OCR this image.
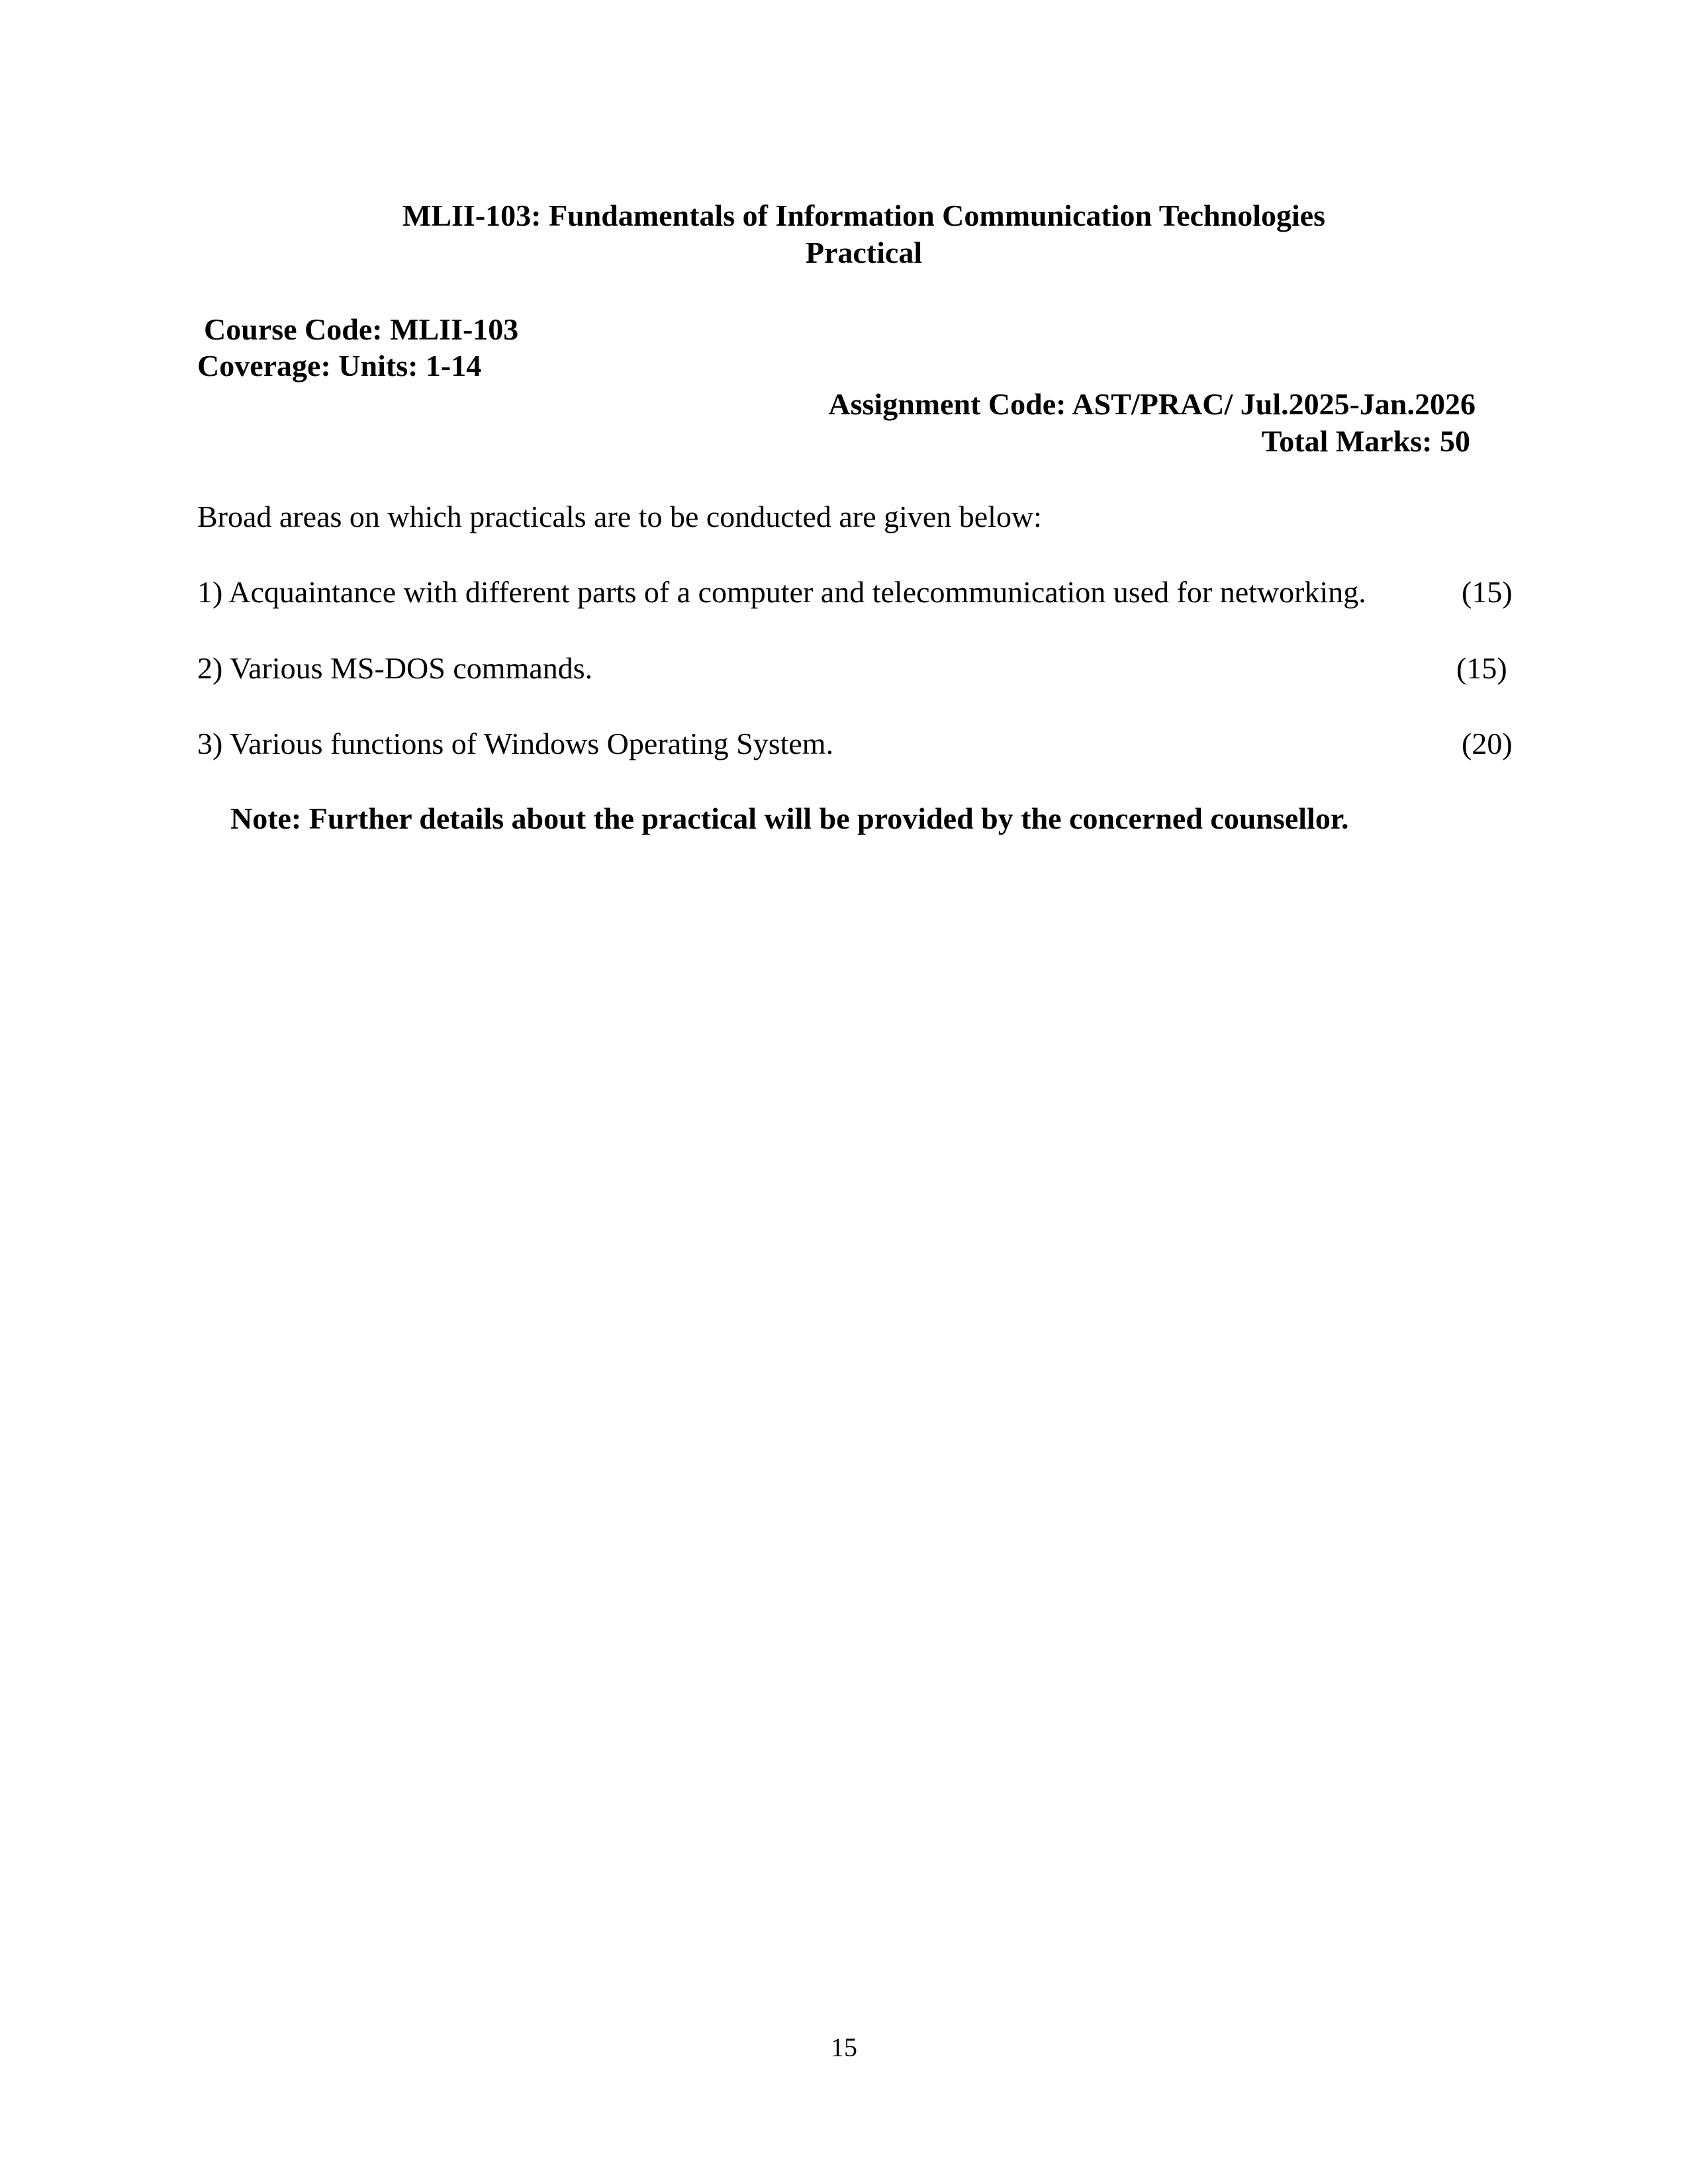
MLII-103: Fundamentals of Information Communication Technologies
Practical
Course Code: MLII-103
Coverage: Units: 1-14
Assignment Code: AST/PRAC/ Jul.2025-Jan.2026
Total Marks: 50
Broad areas on which practicals are to be conducted are given below:
1) Acquaintance with different parts of a computer and telecommunication used for networking.	(15)
2) Various MS-DOS commands.	(15)
3) Various functions of Windows Operating System.	(20)
Note: Further details about the practical will be provided by the concerned counsellor.
15
